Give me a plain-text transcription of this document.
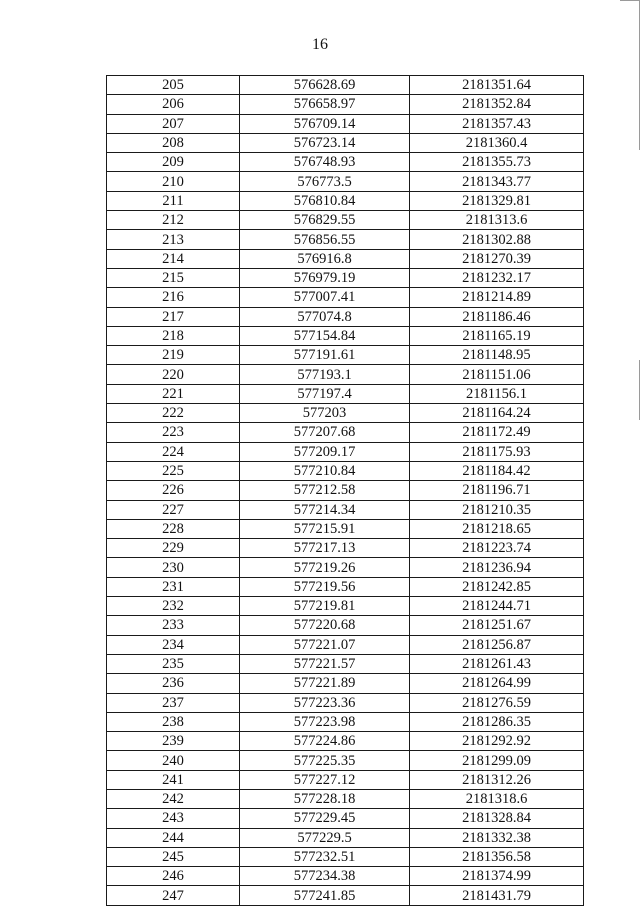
16
205	576628.69	2181351.64
206	576658.97	2181352.84
207	576709.14	2181357.43
208	576723.14	2181360.4
209	576748.93	2181355.73
210	576773.5	2181343.77
211	576810.84	2181329.81
212	576829.55	2181313.6
213	576856.55	2181302.88
214	576916.8	2181270.39
215	576979.19	2181232.17
216	577007.41	2181214.89
217	577074.8	2181186.46
218	577154.84	2181165.19
219	577191.61	2181148.95
220	577193.1	2181151.06
221	577197.4	2181156.1
222	577203	2181164.24
223	577207.68	2181172.49
224	577209.17	2181175.93
225	577210.84	2181184.42
226	577212.58	2181196.71
227	577214.34	2181210.35
228	577215.91	2181218.65
229	577217.13	2181223.74
230	577219.26	2181236.94
231	577219.56	2181242.85
232	577219.81	2181244.71
233	577220.68	2181251.67
234	577221.07	2181256.87
235	577221.57	2181261.43
236	577221.89	2181264.99
237	577223.36	2181276.59
238	577223.98	2181286.35
239	577224.86	2181292.92
240	577225.35	2181299.09
241	577227.12	2181312.26
242	577228.18	2181318.6
243	577229.45	2181328.84
244	577229.5	2181332.38
245	577232.51	2181356.58
246	577234.38	2181374.99
247	577241.85	2181431.79
